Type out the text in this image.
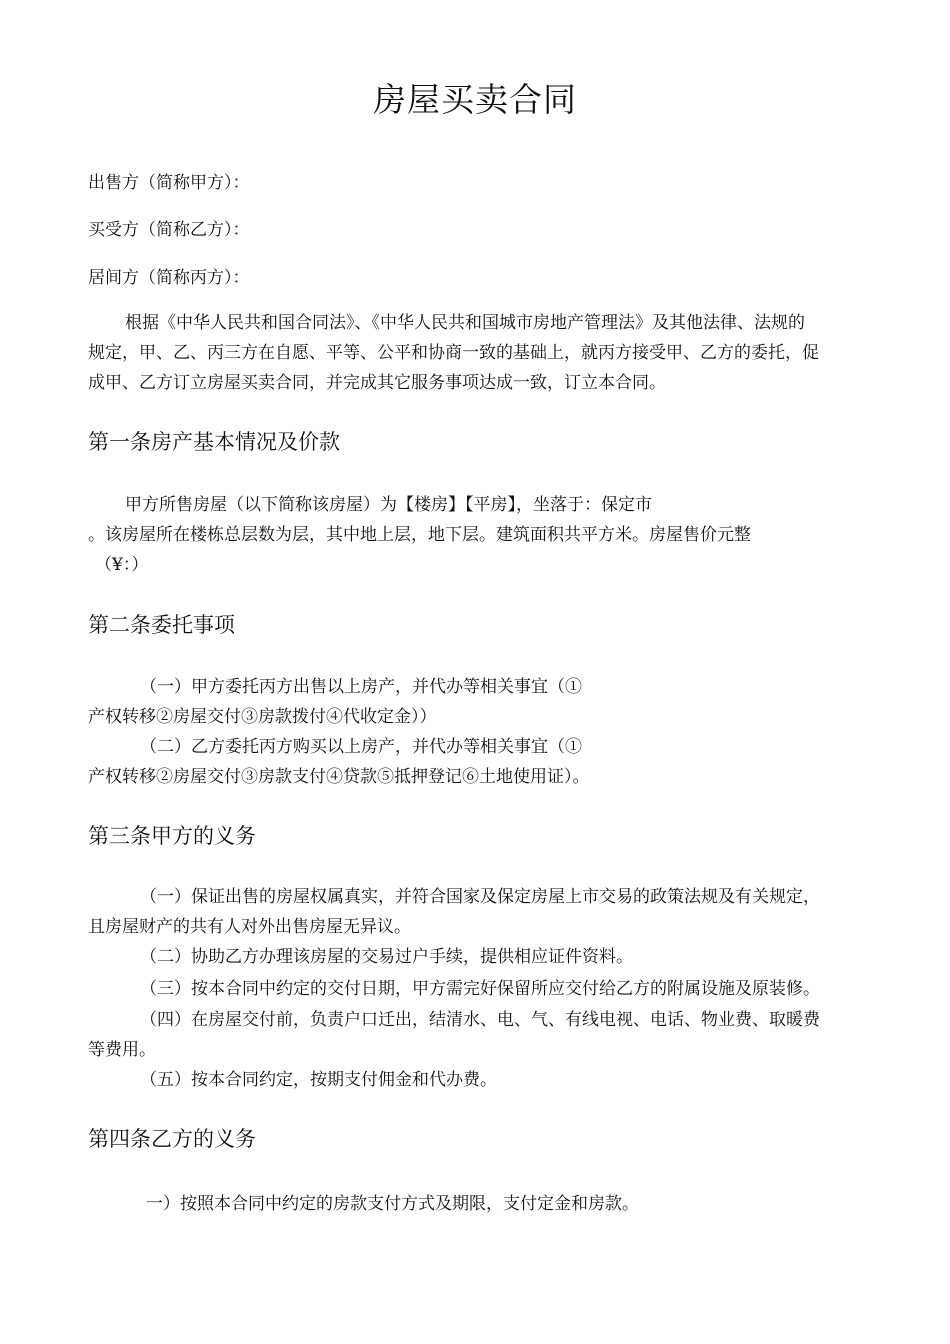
房屋买卖合同
出售方（简称甲方）：
买受方（简称乙方）：
居间方（简称丙方）：
根据《中华人民共和国合同法》、《中华人民共和国城市房地产管理法》及其他法律、法规的
规定，甲、乙、丙三方在自愿、平等、公平和协商一致的基础上，就丙方接受甲、乙方的委托，促
成甲、乙方订立房屋买卖合同，并完成其它服务事项达成一致，订立本合同。
第一条房产基本情况及价款
甲方所售房屋（以下简称该房屋）为【楼房】【平房】，坐落于：保定市
。该房屋所在楼栋总层数为层，其中地上层，地下层。建筑面积共平方米。房屋售价元整
（¥：）
第二条委托事项
（一）甲方委托丙方出售以上房产，并代办等相关事宜（①
产权转移②房屋交付③房款拨付④代收定金））
（二）乙方委托丙方购买以上房产，并代办等相关事宜（①
产权转移②房屋交付③房款支付④贷款⑤抵押登记⑥土地使用证）。
第三条甲方的义务
（一）保证出售的房屋权属真实，并符合国家及保定房屋上市交易的政策法规及有关规定，
且房屋财产的共有人对外出售房屋无异议。
（二）协助乙方办理该房屋的交易过户手续，提供相应证件资料。
（三）按本合同中约定的交付日期，甲方需完好保留所应交付给乙方的附属设施及原装修。
（四）在房屋交付前，负责户口迁出，结清水、电、气、有线电视、电话、物业费、取暖费
等费用。
（五）按本合同约定，按期支付佣金和代办费。
第四条乙方的义务
一）按照本合同中约定的房款支付方式及期限，支付定金和房款。
